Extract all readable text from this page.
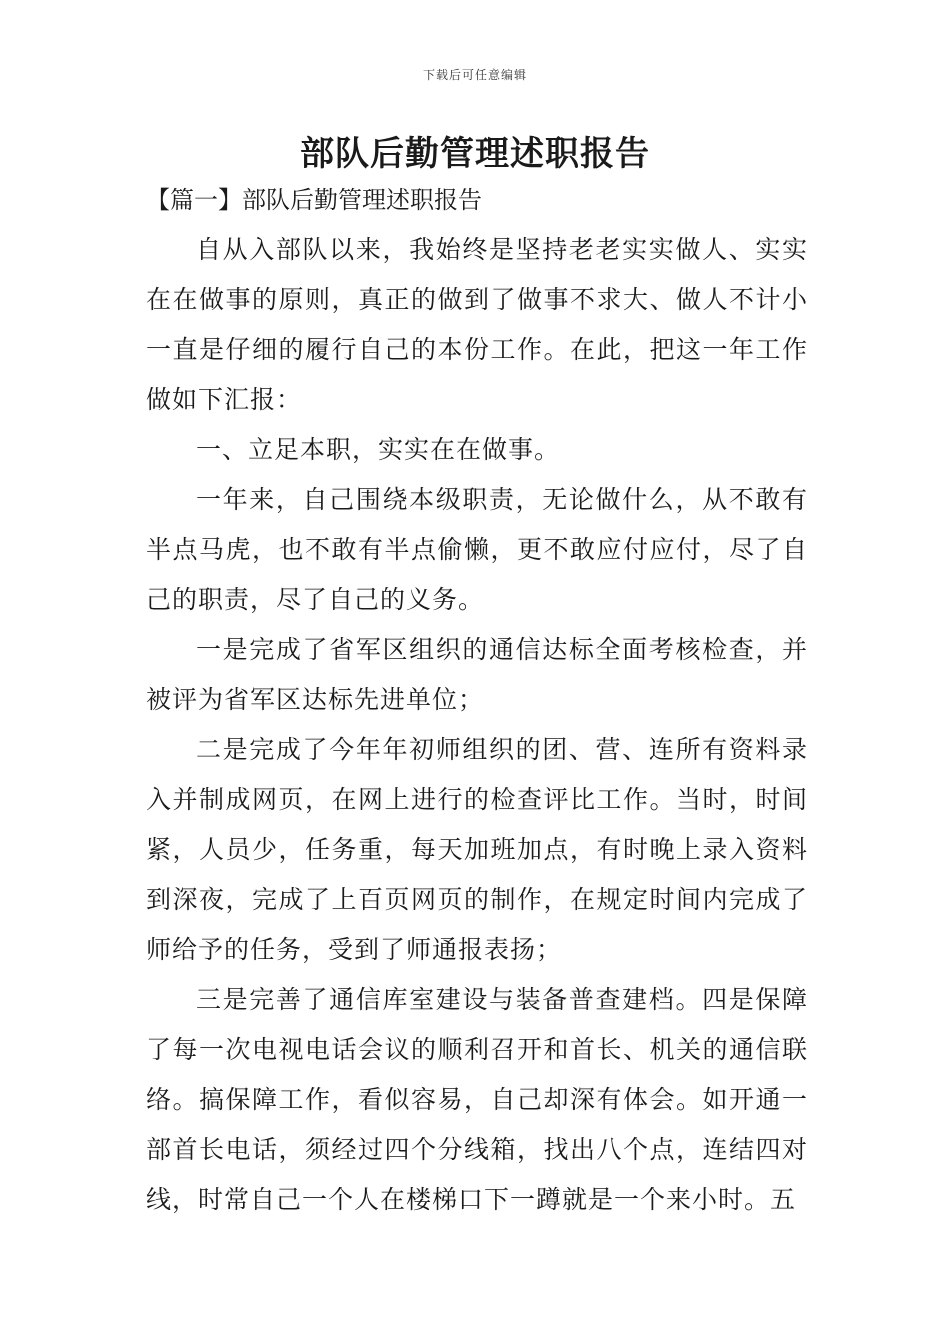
下载后可任意编辑
部队后勤管理述职报告
【篇一】部队后勤管理述职报告

自从入部队以来，我始终是坚持老老实实做人、实实在在做事的原则，真正的做到了做事不求大、做人不计小一直是仔细的履行自己的本份工作。在此，把这一年工作做如下汇报：

一、立足本职，实实在在做事。

一年来，自己围绕本级职责，无论做什么，从不敢有半点马虎，也不敢有半点偷懒，更不敢应付应付，尽了自己的职责，尽了自己的义务。

一是完成了省军区组织的通信达标全面考核检查，并被评为省军区达标先进单位；

二是完成了今年年初师组织的团、营、连所有资料录入并制成网页，在网上进行的检查评比工作。当时，时间紧，人员少，任务重，每天加班加点，有时晚上录入资料到深夜，完成了上百页网页的制作，在规定时间内完成了师给予的任务，受到了师通报表扬；

三是完善了通信库室建设与装备普查建档。四是保障了每一次电视电话会议的顺利召开和首长、机关的通信联络。搞保障工作，看似容易，自己却深有体会。如开通一部首长电话，须经过四个分线箱，找出八个点，连结四对线，时常自己一个人在楼梯口下一蹲就是一个来小时。五
